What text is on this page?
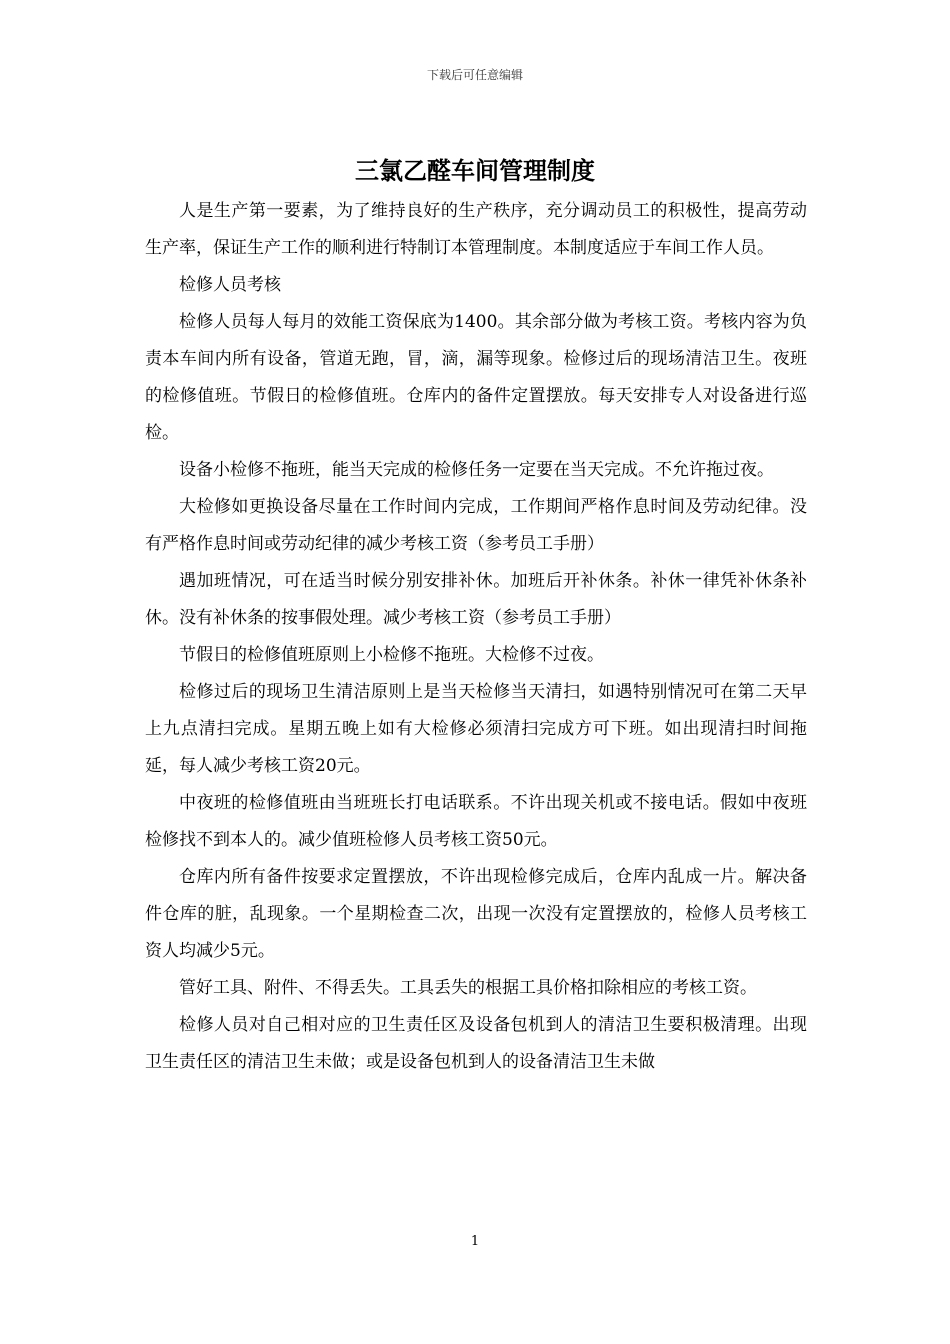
下载后可任意编辑
三氯乙醛车间管理制度

人是生产第一要素，为了维持良好的生产秩序，充分调动员工的积极性，提高劳动生产率，保证生产工作的顺利进行特制订本管理制度。本制度适应于车间工作人员。

检修人员考核

检修人员每人每月的效能工资保底为1400。其余部分做为考核工资。考核内容为负责本车间内所有设备，管道无跑，冒，滴，漏等现象。检修过后的现场清洁卫生。夜班的检修值班。节假日的检修值班。仓库内的备件定置摆放。每天安排专人对设备进行巡检。

设备小检修不拖班，能当天完成的检修任务一定要在当天完成。不允许拖过夜。

大检修如更换设备尽量在工作时间内完成，工作期间严格作息时间及劳动纪律。没有严格作息时间或劳动纪律的减少考核工资（参考员工手册）

遇加班情况，可在适当时候分别安排补休。加班后开补休条。补休一律凭补休条补休。没有补休条的按事假处理。减少考核工资（参考员工手册）

节假日的检修值班原则上小检修不拖班。大检修不过夜。

检修过后的现场卫生清洁原则上是当天检修当天清扫，如遇特别情况可在第二天早上九点清扫完成。星期五晚上如有大检修必须清扫完成方可下班。如出现清扫时间拖延，每人减少考核工资20元。

中夜班的检修值班由当班班长打电话联系。不许出现关机或不接电话。假如中夜班检修找不到本人的。减少值班检修人员考核工资50元。

仓库内所有备件按要求定置摆放，不许出现检修完成后，仓库内乱成一片。解决备件仓库的脏，乱现象。一个星期检查二次，出现一次没有定置摆放的，检修人员考核工资人均减少5元。

管好工具、附件、不得丢失。工具丢失的根据工具价格扣除相应的考核工资。

检修人员对自己相对应的卫生责任区及设备包机到人的清洁卫生要积极清理。出现卫生责任区的清洁卫生未做；或是设备包机到人的设备清洁卫生未做

1
